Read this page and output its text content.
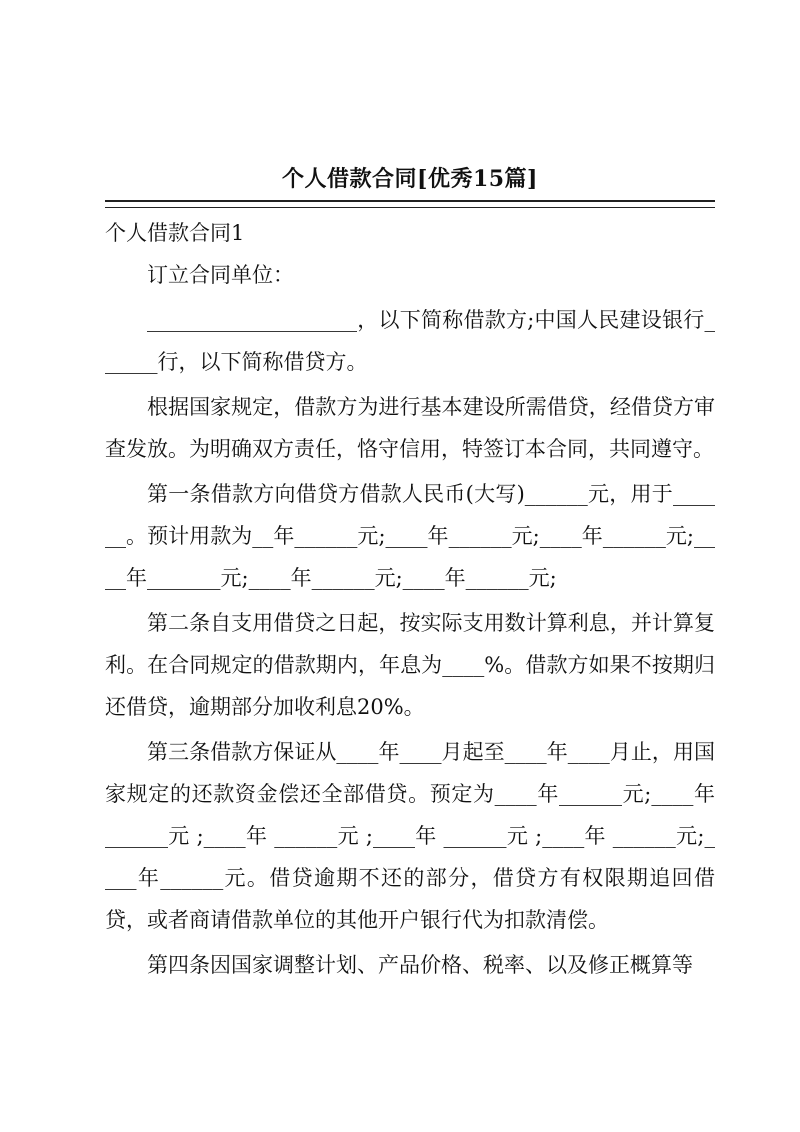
个人借款合同[优秀15篇]
个人借款合同1

订立合同单位：

____________________，以下简称借款方;中国人民建设银行______行，以下简称借贷方。

根据国家规定，借款方为进行基本建设所需借贷，经借贷方审查发放。为明确双方责任，恪守信用，特签订本合同，共同遵守。

第一条借款方向借贷方借款人民币(大写)______元，用于______。预计用款为__年______元;____年______元;____年______元;____年_______元;____年______元;____年______元;

第二条自支用借贷之日起，按实际支用数计算利息，并计算复利。在合同规定的借款期内，年息为____%。借款方如果不按期归还借贷，逾期部分加收利息20%。

第三条借款方保证从____年____月起至____年____月止，用国家规定的还款资金偿还全部借贷。预定为____年______元;____年 ______元 ;____年 ______元 ;____年 ______元 ;____年 ______元;____年______元。借贷逾期不还的部分，借贷方有权限期追回借贷，或者商请借款单位的其他开户银行代为扣款清偿。

第四条因国家调整计划、产品价格、税率、以及修正概算等
